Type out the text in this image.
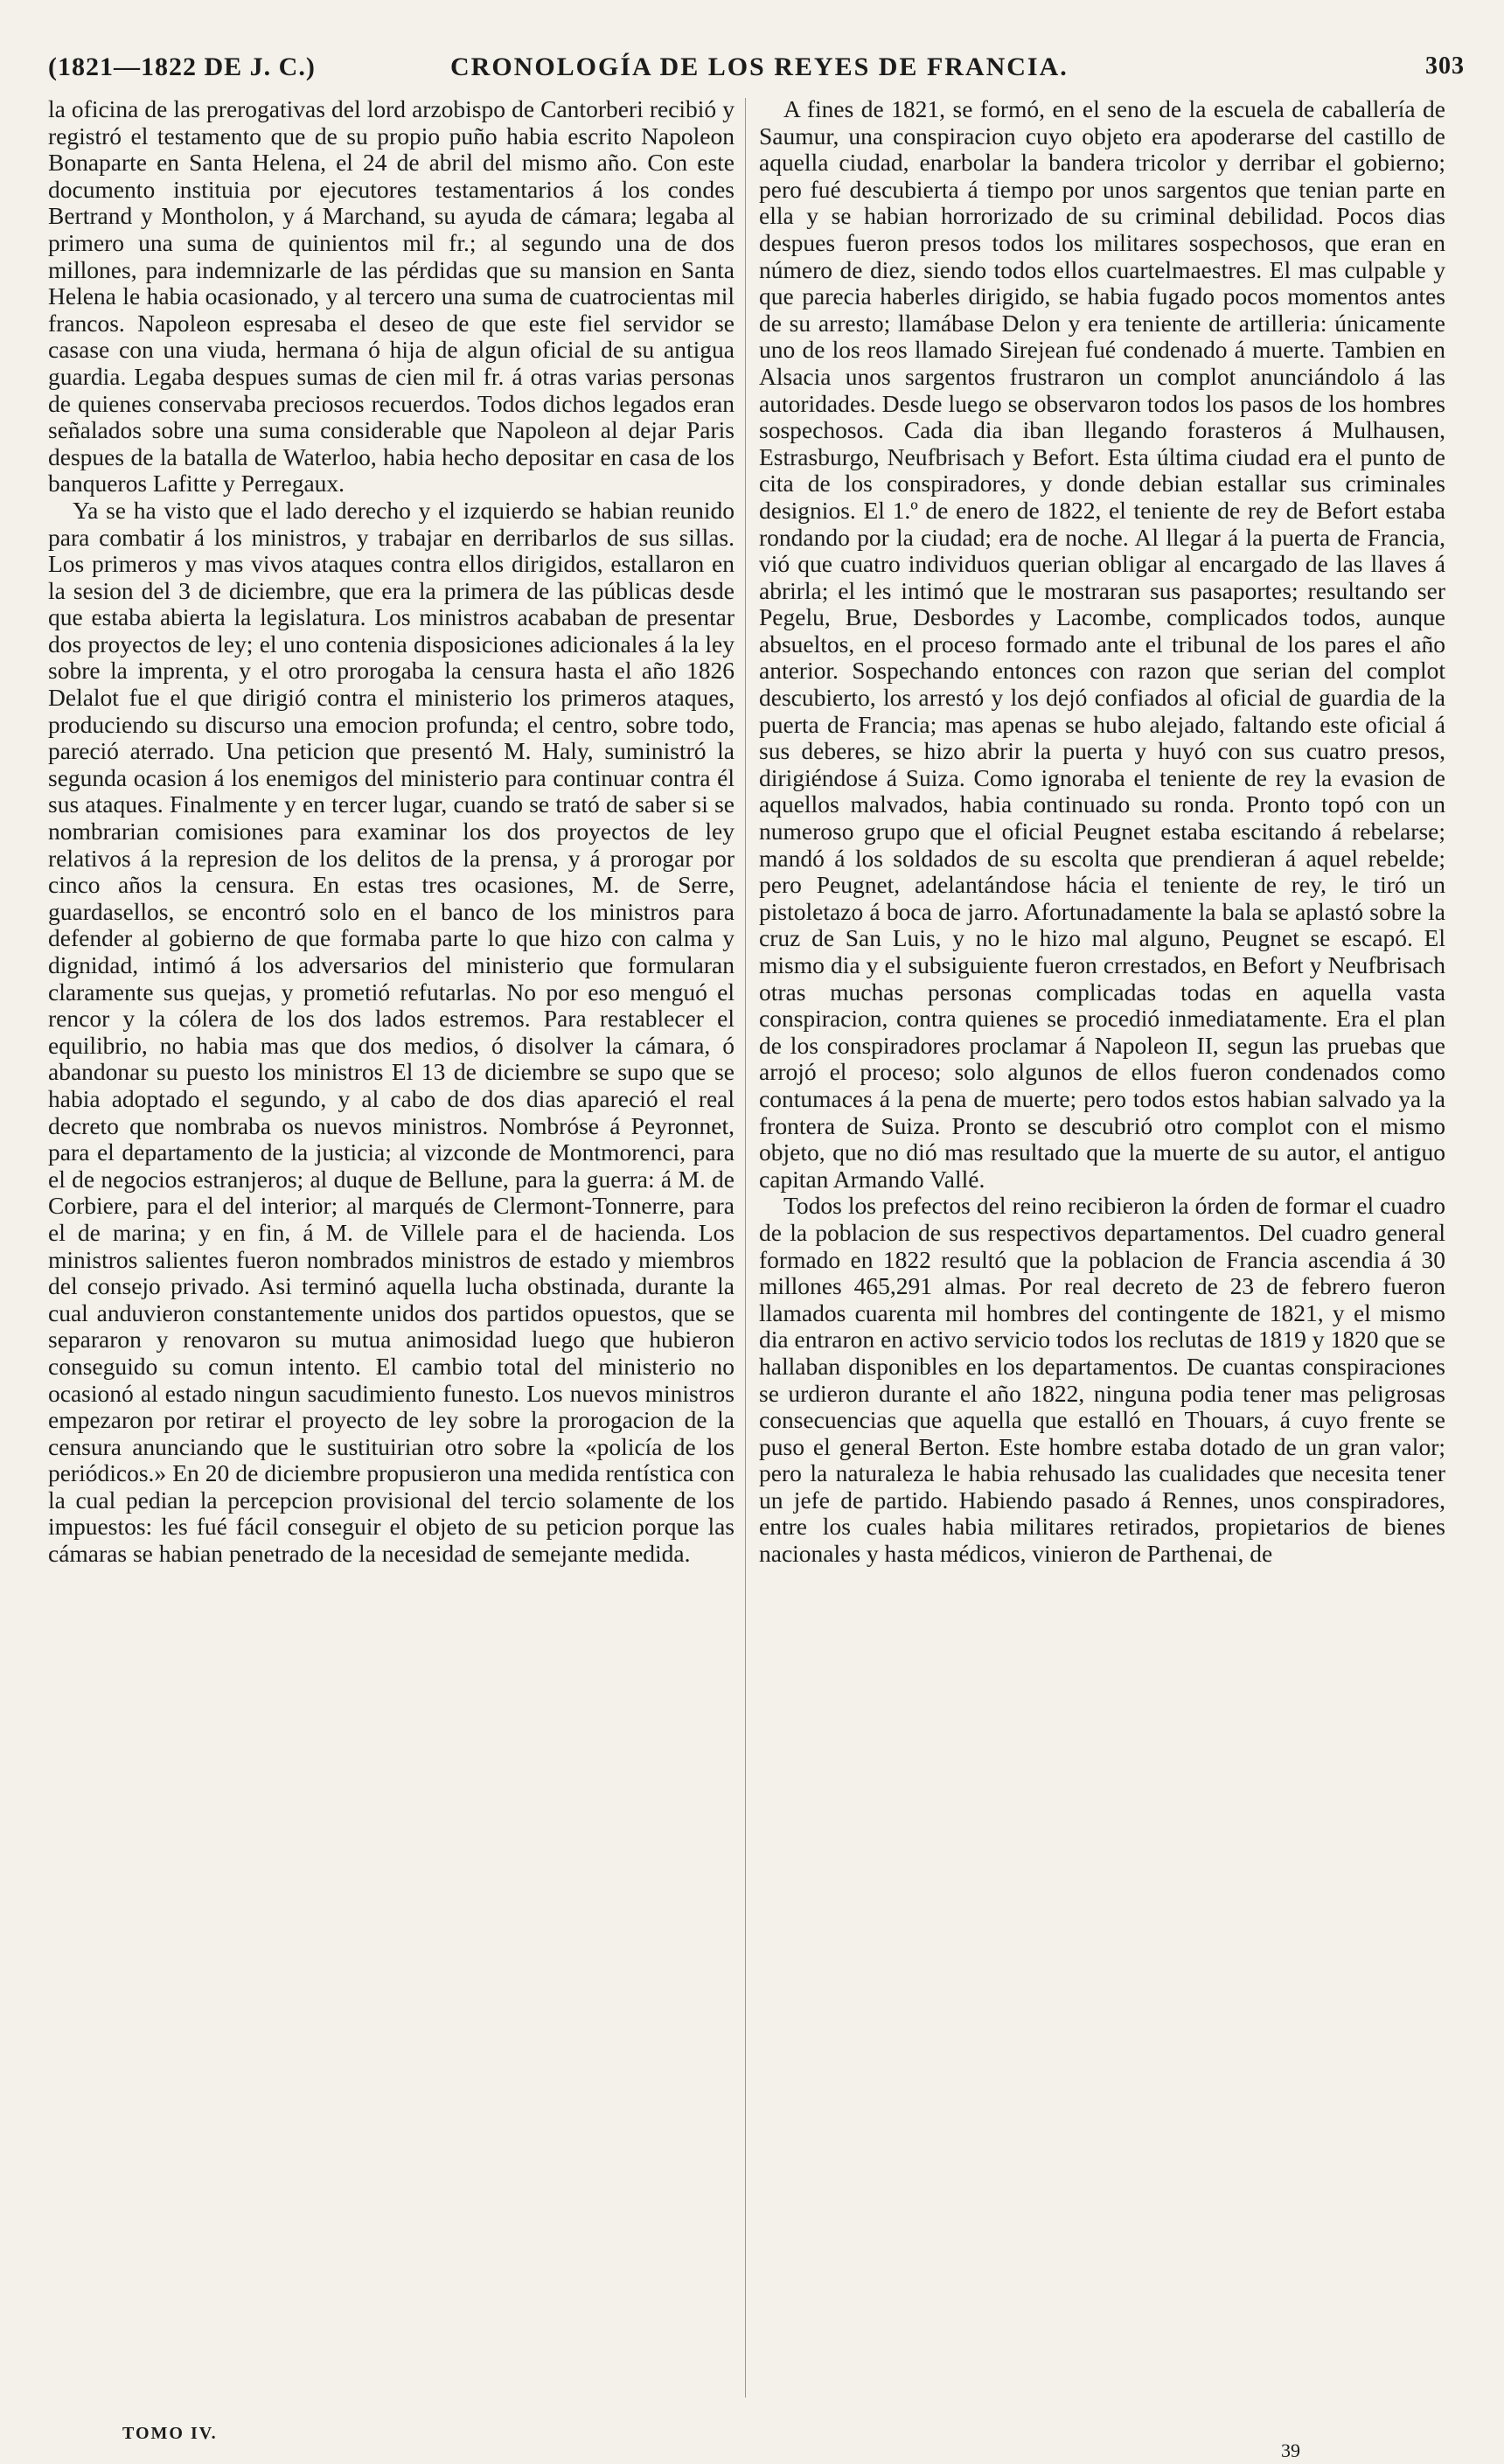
(1821—1822 DE J. C.)	CRONOLOGÍA DE LOS REYES DE FRANCIA.	303

la oficina de las prerogativas del lord arzobispo de Cantorberi recibió y registró el testamento que de su propio puño habia escrito Napoleon Bonaparte en Santa Helena, el 24 de abril del mismo año. Con este documento instituia por ejecutores testamentarios á los condes Bertrand y Montholon, y á Marchand, su ayuda de cámara; legaba al primero una suma de quinientos mil fr.; al segundo una de dos millones, para indemnizarle de las pérdidas que su mansion en Santa Helena le habia ocasionado, y al tercero una suma de cuatrocientas mil francos. Napoleon espresaba el deseo de que este fiel servidor se casase con una viuda, hermana ó hija de algun oficial de su antigua guardia. Legaba despues sumas de cien mil fr. á otras varias personas de quienes conservaba preciosos recuerdos. Todos dichos legados eran señalados sobre una suma considerable que Napoleon al dejar Paris despues de la batalla de Waterloo, habia hecho depositar en casa de los banqueros Lafitte y Perregaux.

Ya se ha visto que el lado derecho y el izquierdo se habian reunido para combatir á los ministros, y trabajar en derribarlos de sus sillas. Los primeros y mas vivos ataques contra ellos dirigidos, estallaron en la sesion del 3 de diciembre, que era la primera de las públicas desde que estaba abierta la legislatura. Los ministros acababan de presentar dos proyectos de ley; el uno contenia disposiciones adicionales á la ley sobre la imprenta, y el otro prorogaba la censura hasta el año 1826 Delalot fue el que dirigió contra el ministerio los primeros ataques, produciendo su discurso una emocion profunda; el centro, sobre todo, pareció aterrado. Una peticion que presentó M. Haly, suministró la segunda ocasion á los enemigos del ministerio para continuar contra él sus ataques. Finalmente y en tercer lugar, cuando se trató de saber si se nombrarian comisiones para examinar los dos proyectos de ley relativos á la represion de los delitos de la prensa, y á prorogar por cinco años la censura. En estas tres ocasiones, M. de Serre, guardasellos, se encontró solo en el banco de los ministros para defender al gobierno de que formaba parte lo que hizo con calma y dignidad, intimó á los adversarios del ministerio que formularan claramente sus quejas, y prometió refutarlas. No por eso menguó el rencor y la cólera de los dos lados estremos. Para restablecer el equilibrio, no habia mas que dos medios, ó disolver la cámara, ó abandonar su puesto los ministros El 13 de diciembre se supo que se habia adoptado el segundo, y al cabo de dos dias apareció el real decreto que nombraba os nuevos ministros. Nombróse á Peyronnet, para el departamento de la justicia; al vizconde de Montmorenci, para el de negocios estranjeros; al duque de Bellune, para la guerra: á M. de Corbiere, para el del interior; al marqués de Clermont-Tonnerre, para el de marina; y en fin, á M. de Villele para el de hacienda. Los ministros salientes fueron nombrados ministros de estado y miembros del consejo privado. Asi terminó aquella lucha obstinada, durante la cual anduvieron constantemente unidos dos partidos opuestos, que se separaron y renovaron su mutua animosidad luego que hubieron conseguido su comun intento. El cambio total del ministerio no ocasionó al estado ningun sacudimiento funesto. Los nuevos ministros empezaron por retirar el proyecto de ley sobre la prorogacion de la censura anunciando que le sustituirian otro sobre la «policía de los periódicos.» En 20 de diciembre propusieron una medida rentística con la cual pedian la percepcion provisional del tercio solamente de los impuestos: les fué fácil conseguir el objeto de su peticion porque las cámaras se habian penetrado de la necesidad de semejante medida.

A fines de 1821, se formó, en el seno de la escuela de caballería de Saumur, una conspiracion cuyo objeto era apoderarse del castillo de aquella ciudad, enarbolar la bandera tricolor y derribar el gobierno; pero fué descubierta á tiempo por unos sargentos que tenian parte en ella y se habian horrorizado de su criminal debilidad. Pocos dias despues fueron presos todos los militares sospechosos, que eran en número de diez, siendo todos ellos cuartelmaestres. El mas culpable y que parecia haberles dirigido, se habia fugado pocos momentos antes de su arresto; llamábase Delon y era teniente de artilleria: únicamente uno de los reos llamado Sirejean fué condenado á muerte. Tambien en Alsacia unos sargentos frustraron un complot anunciándolo á las autoridades. Desde luego se observaron todos los pasos de los hombres sospechosos. Cada dia iban llegando forasteros á Mulhausen, Estrasburgo, Neufbrisach y Befort. Esta última ciudad era el punto de cita de los conspiradores, y donde debian estallar sus criminales designios. El 1.º de enero de 1822, el teniente de rey de Befort estaba rondando por la ciudad; era de noche. Al llegar á la puerta de Francia, vió que cuatro individuos querian obligar al encargado de las llaves á abrirla; el les intimó que le mostraran sus pasaportes; resultando ser Pegelu, Brue, Desbordes y Lacombe, complicados todos, aunque absueltos, en el proceso formado ante el tribunal de los pares el año anterior. Sospechando entonces con razon que serian del complot descubierto, los arrestó y los dejó confiados al oficial de guardia de la puerta de Francia; mas apenas se hubo alejado, faltando este oficial á sus deberes, se hizo abrir la puerta y huyó con sus cuatro presos, dirigiéndose á Suiza. Como ignoraba el teniente de rey la evasion de aquellos malvados, habia continuado su ronda. Pronto topó con un numeroso grupo que el oficial Peugnet estaba escitando á rebelarse; mandó á los soldados de su escolta que prendieran á aquel rebelde; pero Peugnet, adelantándose hácia el teniente de rey, le tiró un pistoletazo á boca de jarro. Afortunadamente la bala se aplastó sobre la cruz de San Luis, y no le hizo mal alguno, Peugnet se escapó. El mismo dia y el subsiguiente fueron crrestados, en Befort y Neufbrisach otras muchas personas complicadas todas en aquella vasta conspiracion, contra quienes se procedió inmediatamente. Era el plan de los conspiradores proclamar á Napoleon II, segun las pruebas que arrojó el proceso; solo algunos de ellos fueron condenados como contumaces á la pena de muerte; pero todos estos habian salvado ya la frontera de Suiza. Pronto se descubrió otro complot con el mismo objeto, que no dió mas resultado que la muerte de su autor, el antiguo capitan Armando Vallé.

Todos los prefectos del reino recibieron la órden de formar el cuadro de la poblacion de sus respectivos departamentos. Del cuadro general formado en 1822 resultó que la poblacion de Francia ascendia á 30 millones 465,291 almas. Por real decreto de 23 de febrero fueron llamados cuarenta mil hombres del contingente de 1821, y el mismo dia entraron en activo servicio todos los reclutas de 1819 y 1820 que se hallaban disponibles en los departamentos. De cuantas conspiraciones se urdieron durante el año 1822, ninguna podia tener mas peligrosas consecuencias que aquella que estalló en Thouars, á cuyo frente se puso el general Berton. Este hombre estaba dotado de un gran valor; pero la naturaleza le habia rehusado las cualidades que necesita tener un jefe de partido. Habiendo pasado á Rennes, unos conspiradores, entre los cuales habia militares retirados, propietarios de bienes nacionales y hasta médicos, vinieron de Parthenai, de

TOMO IV.
39
